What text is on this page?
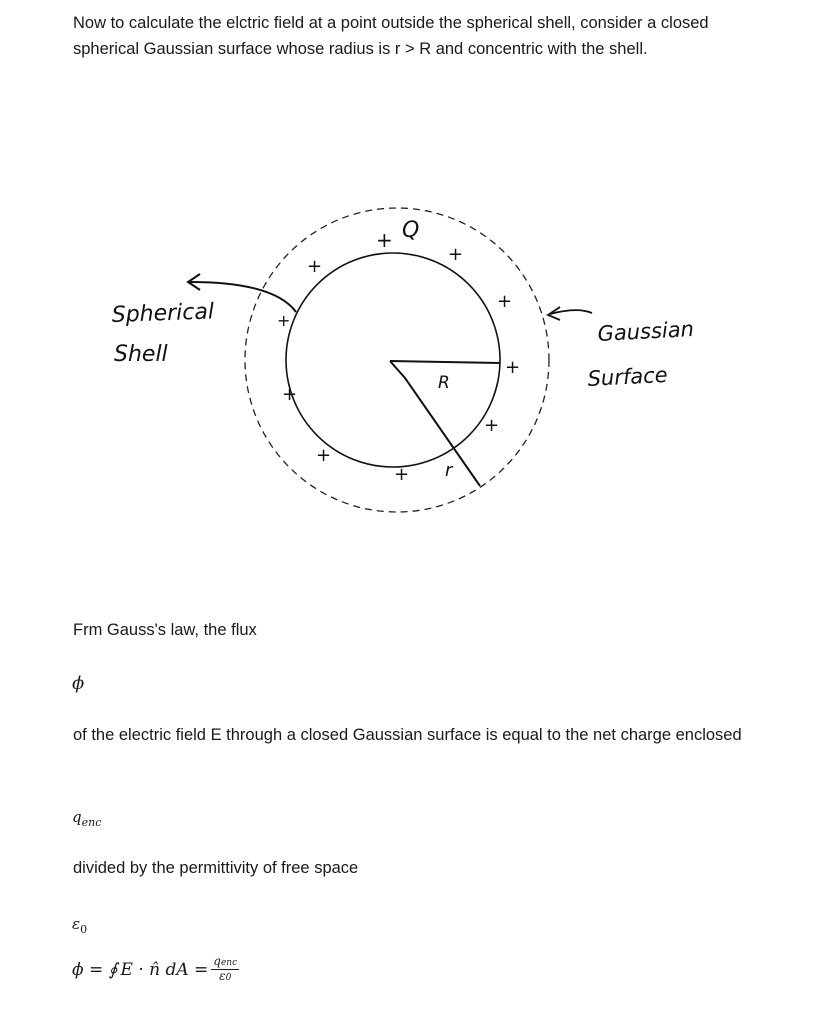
Now to calculate the elctric field at a point outside the spherical shell, consider a closed spherical Gaussian surface whose radius is r > R and concentric with the shell.

Spherical
Shell
Gaussian
Surface
Q
R
r
+
+
+
+
+
+
+
+
+
+

Frm Gauss's law, the flux

ϕ

of the electric field E through a closed Gaussian surface is equal to the net charge enclosed

$q_{enc}$

divided by the permittivity of free space

$\varepsilon_0$
ϕ = ∮ E · n̂ dA = $\frac{\text{qenc}}{\varepsilon 0}$
